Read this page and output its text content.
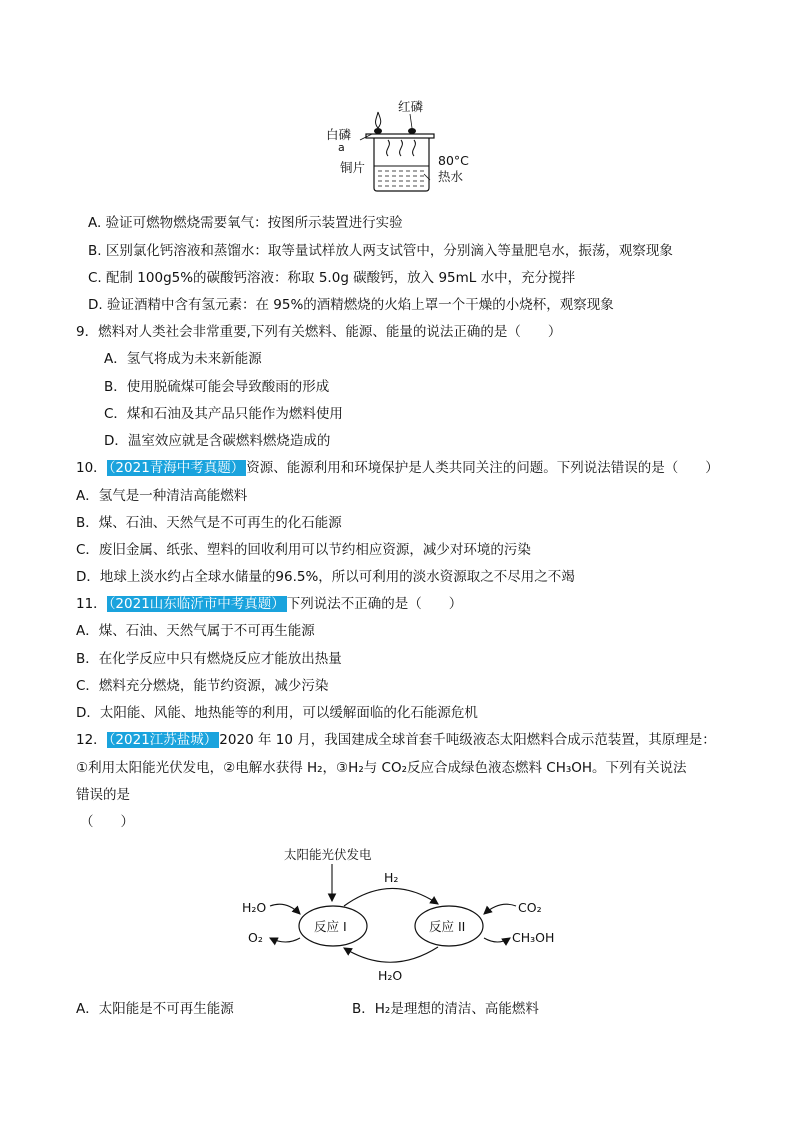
红磷
白磷
a
铜片	80°C
热水
A. 验证可燃物燃烧需要氧气：按图所示装置进行实验
B. 区别氯化钙溶液和蒸馏水：取等量试样放人两支试管中，分别滴入等量肥皂水，振荡，观察现象
C. 配制 100g5%的碳酸钙溶液：称取 5.0g 碳酸钙，放入 95mL 水中，充分搅拌
D. 验证酒精中含有氢元素：在 95%的酒精燃烧的火焰上罩一个干燥的小烧杯，观察现象
9．燃料对人类社会非常重要,下列有关燃料、能源、能量的说法正确的是（　　）
A．氢气将成为未来新能源
B．使用脱硫煤可能会导致酸雨的形成
C．煤和石油及其产品只能作为燃料使用
D．温室效应就是含碳燃料燃烧造成的
10． （2021青海中考真题） 资源、能源利用和环境保护是人类共同关注的问题。下列说法错误的是（　　）
A．氢气是一种清洁高能燃料
B．煤、石油、天然气是不可再生的化石能源
C．废旧金属、纸张、塑料的回收利用可以节约相应资源，减少对环境的污染
D．地球上淡水约占全球水储量的96.5%，所以可利用的淡水资源取之不尽用之不竭
11． （2021山东临沂市中考真题） 下列说法不正确的是（　　）
A．煤、石油、天然气属于不可再生能源
B．在化学反应中只有燃烧反应才能放出热量
C．燃料充分燃烧，能节约资源，减少污染
D．太阳能、风能、地热能等的利用，可以缓解面临的化石能源危机
12． （2021江苏盐城） 2020 年 10 月，我国建成全球首套千吨级液态太阳燃料合成示范装置，其原理是：
①利用太阳能光伏发电，②电解水获得 H₂，③H₂与 CO₂反应合成绿色液态燃料 CH₃OH。下列有关说法
错误的是
（　　）
太阳能光伏发电
反应 I	反应 II
H₂
H₂O
H₂O
O₂
CO₂
CH₃OH
A．太阳能是不可再生能源	B．H₂是理想的清洁、高能燃料
